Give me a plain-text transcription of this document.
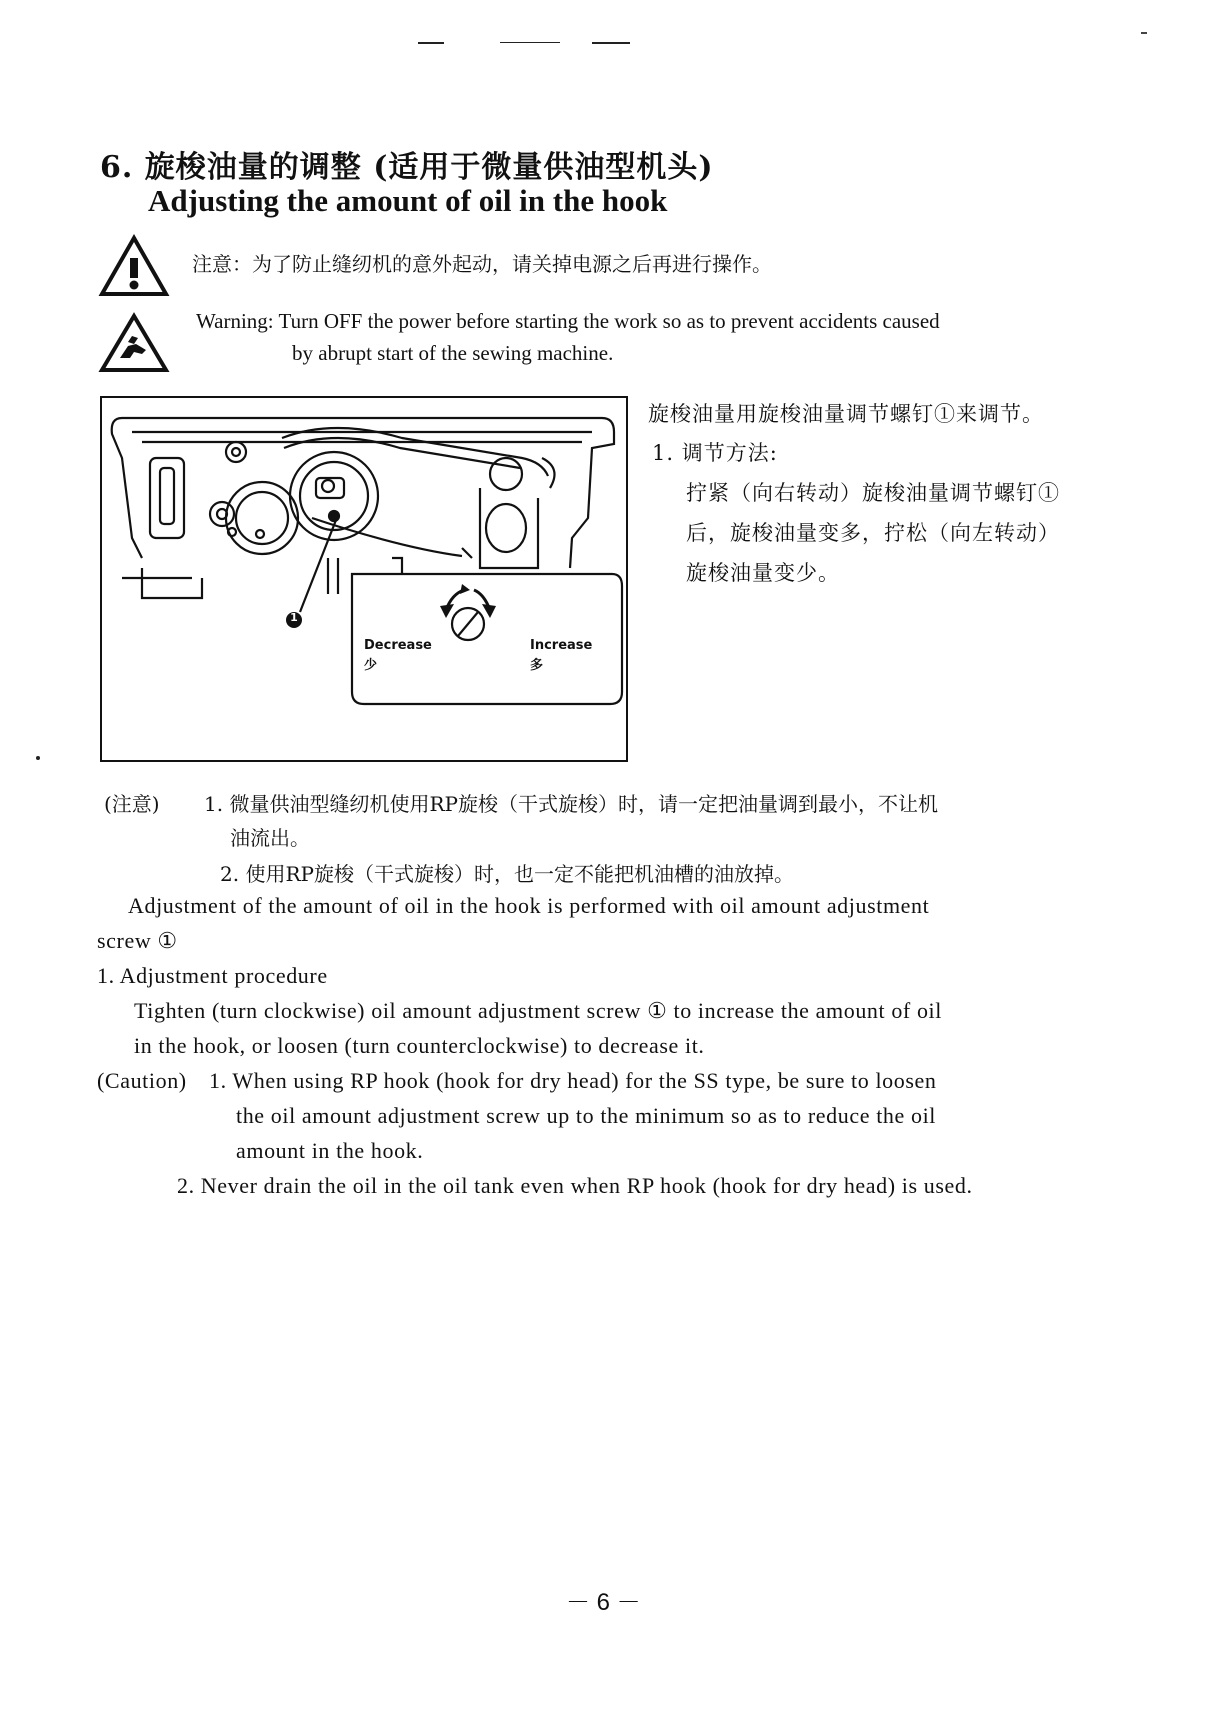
6. 旋梭油量的调整 (适用于微量供油型机头)
Adjusting the amount of oil in the hook
注意：为了防止缝纫机的意外起动，请关掉电源之后再进行操作。
Warning: Turn OFF the power before starting the work so as to prevent accidents caused
by abrupt start of the sewing machine.
1
Decrease
少
Increase
多
旋梭油量用旋梭油量调节螺钉①来调节。
1. 调节方法:
拧紧（向右转动）旋梭油量调节螺钉①
后，旋梭油量变多，拧松（向左转动）
旋梭油量变少。
(注意) 1. 微量供油型缝纫机使用RP旋梭（干式旋梭）时，请一定把油量调到最小，不让机
油流出。
2. 使用RP旋梭（干式旋梭）时，也一定不能把机油槽的油放掉。
Adjustment of the amount of oil in the hook is performed with oil amount adjustment
screw ①
1. Adjustment procedure
Tighten (turn clockwise) oil amount adjustment screw ① to increase the amount of oil
in the hook, or loosen (turn counterclockwise) to decrease it.
(Caution) 1. When using RP hook (hook for dry head) for the SS type, be sure to loosen
the oil amount adjustment screw up to the minimum so as to reduce the oil
amount in the hook.
2. Never drain the oil in the oil tank even when RP hook (hook for dry head) is used.
－ 6 －
